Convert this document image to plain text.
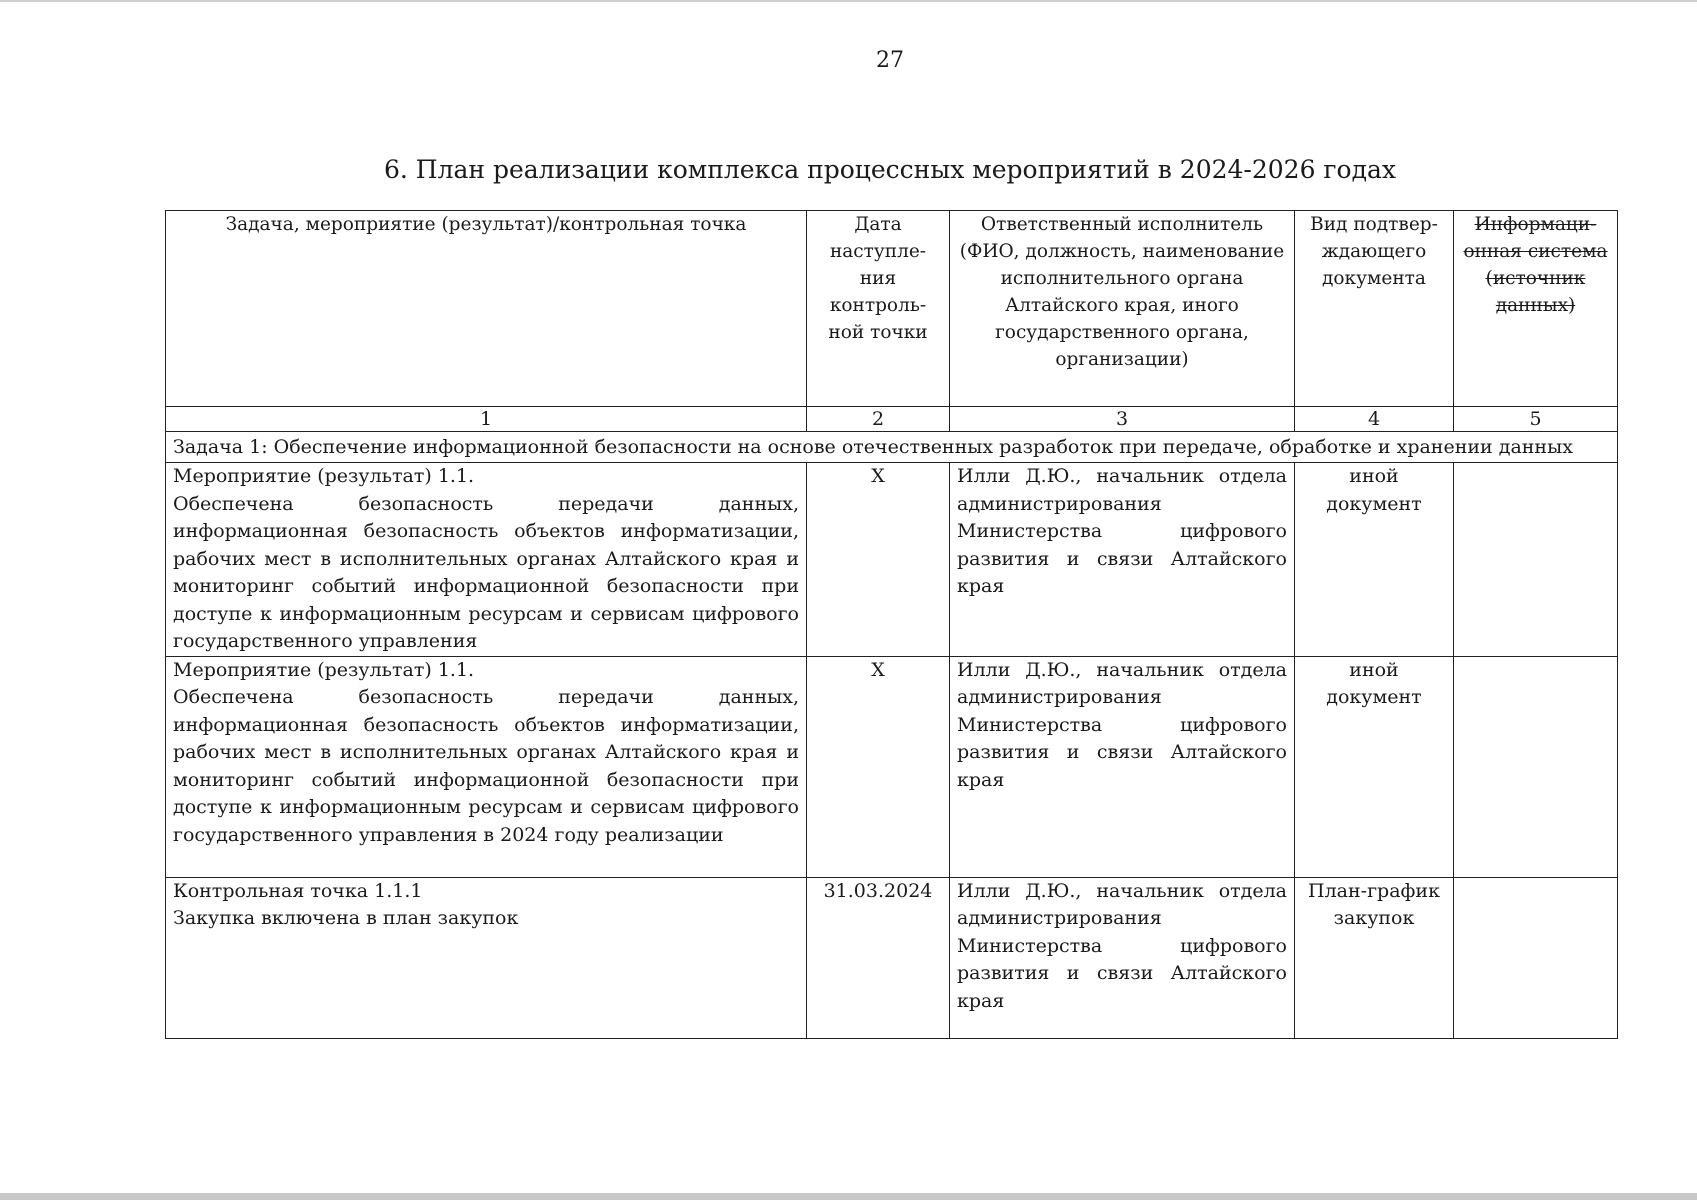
27
6. План реализации комплекса процессных мероприятий в 2024-2026 годах
Задача, мероприятие (результат)/контрольная точка	Дата наступле-ния контроль-ной точки	Ответственный исполнитель (ФИО, должность, наименование исполнительного органа Алтайского края, иного государственного органа, организации)	Вид подтвер-ждающего документа	Информаци-онная система (источник данных)
1	2	3	4	5
Задача 1: Обеспечение информационной безопасности на основе отечественных разработок при передаче, обработке и хранении данных				

Мероприятие (результат) 1.1.
Обеспечена безопасность передачи данных, информационная безопасность объектов информатизации, рабочих мест в исполнительных органах Алтайского края и мониторинг событий информационной безопасности при доступе к информационным ресурсам и сервисам цифрового государственного управления	X	Илли Д.Ю., начальник отдела администрирования Министерства цифрового развития и связи Алтайского края	иной документ	

Мероприятие (результат) 1.1.
Обеспечена безопасность передачи данных, информационная безопасность объектов информатизации, рабочих мест в исполнительных органах Алтайского края и мониторинг событий информационной безопасности при доступе к информационным ресурсам и сервисам цифрового государственного управления в 2024 году реализации	X	Илли Д.Ю., начальник отдела администрирования Министерства цифрового развития и связи Алтайского края	иной документ	

Контрольная точка 1.1.1
Закупка включена в план закупок	31.03.2024	Илли Д.Ю., начальник отдела администрирования Министерства цифрового развития и связи Алтайского края	План-график закупок	
